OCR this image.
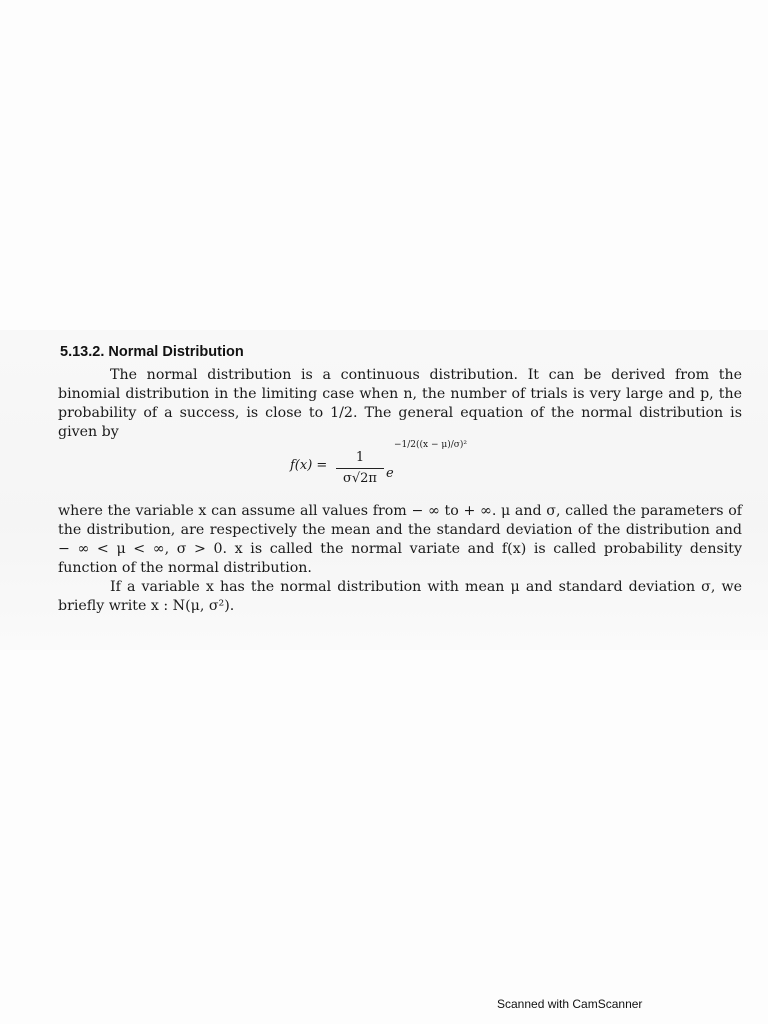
5.13.2. Normal Distribution

The normal distribution is a continuous distribution. It can be derived from the binomial distribution in the limiting case when n, the number of trials is very large and p, the probability of a success, is close to 1/2. The general equation of the normal distribution is given by

f(x) =
1
σ√2π e
−1/2((x − μ)/σ)²

where the variable x can assume all values from − ∞ to + ∞. μ and σ, called the parameters of the distribution, are respectively the mean and the standard deviation of the distribution and − ∞ < μ < ∞, σ > 0. x is called the normal variate and f(x) is called probability density function of the normal distribution.

If a variable x has the normal distribution with mean μ and standard deviation σ, we briefly write x : N(μ, σ²).

Scanned with CamScanner
